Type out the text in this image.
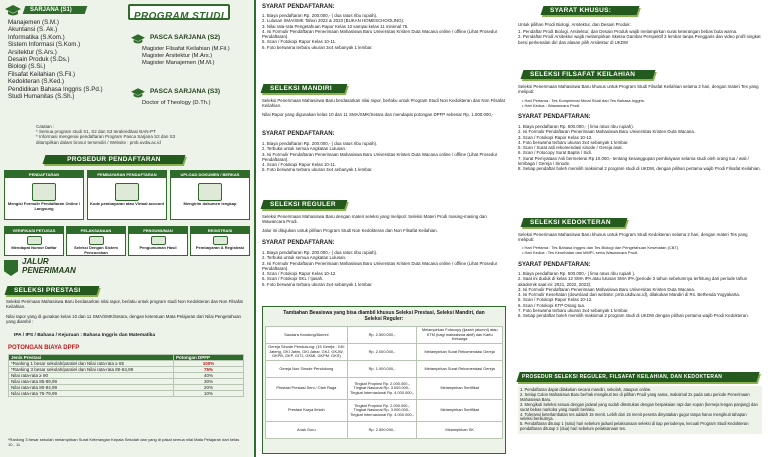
SARJANA (S1)
Manajemen (S.M.)
Akuntansi (S. Ak.)
Informatika (S.Kom.)
Sistem Informasi (S.Kom.)
Arsitektur (S.Ars.)
Desain Produk (S.Ds.)
Biologi (S.Si.)
Filsafat Keilahian (S.Fil.)
Kedokteran (S.Ked.)
Pendidikan Bahasa Inggris (S.Pd.)
Studi Humanitas (S.Sh.)
PROGRAM STUDI
PASCA SARJANA (S2)
Magister Filsafat Keilahian (M.Fil.)
Magister Arsitektur (M.Ars.)
Magister Manajemen (M.M.)
PASCA SARJANA (S3)
Doctor of Theology (D.Th.)
Catatan :
* Semua program studi S1, S2 dan S3 terakreditasi BAN-PT
* Informasi mengenai pendaftaran Program Pasca Sarjana S2 dan S3
ditampilkan dalam brosur tersendiri / Website : pmb.uvdw.ac.id
PROSEDUR PENDAFTARAN
PENDAFTARAN
Mengisi Formulir Pendaftaran Online / Langsung
PEMBAYARAN PENDAFTARAN
Kode pembayaran atau Virtual account
UPLOAD DOKUMEN / BERKAS
Mengirim dokumen lengkap
VERIFIKASI PETUGAS
Mendapat Nomor Daftar
PELAKSANAAN
Seleksi Dengan Sistem Pencocokan
PENGUMUMAN
Pengumuman Hasil
REGISTRASI
Pembayaran & Registrasi
JALUR PENERIMAAN
SELEKSI PRESTASI
Seleksi Perimaan Mahasiswa Baru berdasarkan nilai rapor, berlaku untuk program studi Non Kedokteran dan Non Filsafat Keilahian.
Nilai rapor yang di gunakan kelas 10 dan 11 SMA/SMK/Setara, dengan ketentuan Mata Pelajaran dari Nilai Pengetahuan yang diambil :
IPA / IPS / Bahasa / Kejuruan : Bahasa Inggris dan Matematika
POTONGAN BIAYA DPFP
Jenis Prestasi	Potongan DPFP
*Ranking 1 besar sekolah/paralel dan Nilai rata-rata ≥ 85	100%
*Ranking 3 besar sekolah/paralel dan Nilai rata-rata 80-84,99	75%
Nilai rata-rata ≥ 90	40%
Nilai rata-rata 85-89,99	30%
Nilai rata-rata 80-84,99	20%
Nilai rata-rata 75-79,99	10%
*Ranking 3 besar sekolah melampirkan Surat Keterangan Kepala Sekolah dan yang di pakai semua nilai Mata Pelajaran dari kelas 10 - 11
SYARAT PENDAFTARAN:
1. Biaya pendaftaran Rp. 200.000,- ( dua ratus ribu rupiah).
2. Lulusan SMA/SMK Tahun 2022 & 2023 (BUKAN HOMESCHOOLING).
3. Nilai rata-rata Pengetahuan Rapor Kelas 10 sampai kelas 11 minimal 75.
4. Isi Formulir Pendaftaran Penerimaan Mahasiswa Baru Universitas Kristen Duta Wacana online / offline (Lihat Prosedur Pendaftaran).
5. Scan / Fotokopi Rapor Kelas 10-11.
6. Foto berwarna terbaru ukuran 3x4 sebanyak 1 lembar.
SELEKSI MANDIRI
Seleksi Penerimaan Mahasiswa Baru berdasarkan nilai rapor, berlaku untuk Program Studi Non Kedokteran dan Non Filsafat Keilahian.
Nilai Rapor yang digunakan kelas 10 dan 11 SMA/SMK/Setara dan mendapat potongan DPFP sebesar Rp. 1.000.000,-
SYARAT PENDAFTARAN:
1. Biaya pendaftaran Rp. 200.000,- ( dua ratus ribu rupiah).
2. Terbuka untuk semua Angkatan Lulusan.
3. Isi Formulir Pendaftaran Penerimaan Mahasiswa Baru Universitas Kristen Duta Wacana online / offline (Lihat Prosedur Pendaftaran).
4. Scan / Fotokopi Rapor Kelas 10-11.
5. Foto berwarna terbaru ukuran 3x4 sebanyak 1 lembar.
SELEKSI REGULER
Seleksi Penerimaan Mahasiswa Baru dengan materi seleksi yang meliputi: Seleksi Materi Prodi masing-masing dan Wawancara Prodi.
Jalur ini ditujukan untuk pilihan Program Studi Non Kedokteran dan Non Filsafat Keilahian.
SYARAT PENDAFTARAN:
1. Biaya pendaftaran Rp. 200.000,- ( dua ratus ribu rupiah).
2. Terbuka untuk semua Angkatan Lulusan.
3. Isi Formulir Pendaftaran Penerimaan Mahasiswa Baru Universitas Kristen Duta Wacana online / offline (Lihat Prosedur Pendaftaran).
4. Scan / Fotokopi Rapor Kelas 10-12.
5. Scan / Fotokopi SKL / Ijasah.
6. Foto berwarna terbaru ukuran 3x4 sebanyak 1 lembar.
Tambahan Beasiswa yang bisa diambil khusus Seleksi Prestasi, Seleksi Mandiri, dan Seleksi Reguler:
Saudara Kandung/Alumni	Rp. 2.500.000,-	Melampirkan Fotocopy (ijazah (alumni) atau KTM (bagi mahasiswa aktif) dan Kartu Keluarga
Gereja Sinode Pendukung: (15 Gereja : GKI Jateng, GKI Jatim, GKI Jabar, GKJ, GKJW, GKPB, GKP, GITJ, GKMI, GKPM, GKS)	Rp. 2.000.000,-	Melampirkan Surat Rekomendasi Gereja
Gereja Non Sinode Pendukung	Rp. 1.000.000,-	Melampirkan Surat Rekomendasi Gereja
Prestasi Prestasi Seni / Olah Raga	Tingkat Propinsi Rp. 2.000.000,- Tingkat Nasional Rp. 3.000.000,- Tingkat Internasional Rp. 4.000.000,-	Melampirkan Sertifikat
Prestasi Karya Ilmiah	Tingkat Propinsi Rp. 2.000.000,- Tingkat Nasional Rp. 3.000.000,- Tingkat Internasional Rp. 4.000.000,-	Melampirkan Sertifikat
Anak Guru	Rp. 2.500.000,-	Melampirkan SK
SYARAT KHUSUS:
Untuk pilihan Prodi Biologi, Arsitektur, dan Desain Produk:
1. Pendaftar Prodi Biologi, Arsitektur, dan Desain Produk wajib melampirkan surat keterangan bebas buta warna.
2. Pendaftar Prodi Arsitektur wajib melampirkan Sketsa Gambar Perspektif 2 lembar tanpa Penggaris dan video profil singkat bersi perkenalan diri dan alasan pilih Arsitektur di UKDW
SELEKSI FILSAFAT KEILAHIAN
Seleksi Penerimaan Mahasiswa Baru khusus untuk Program Studi Filsafat Keilahian selama 2 hari, dengan materi Tes yang meliputi:
• Hari Pertama : Tes Kompetensi Minat Studi dan Tes Bahasa Inggris.
• Hari Kedua : Wawancara Prodi.
SYARAT PENDAFTARAN:
1. Biaya pendaftaran Rp. 500.000,- ( lima ratus ribu rupiah).
2. Isi Formulir Pendaftaran Penerimaan Mahasiswa Baru Universitas Kristen Duta Wacana.
3. Scan / Fotokopi Rapor Kelas 10-12.
4. Foto berwarna terbaru ukuran 3x4 sebanyak 1 lembar.
5. Scan / Surat asli rekomendasi sinode / Gereja asal.
6. Scan / Fotocopy Surat Baptis / Sidi.
7. Surat Pernyataan Asli bermeterai Rp 10.000,- tentang kesanggupan pembiayaan selama studi oleh orang tua / wali / lembaga / Gereja / Sinode.
8. Setiap pendaftar boleh memilih maksimal 2 program studi di UKDW, dengan pilihan pertama wajib Prodi Filsafat Keilahian.
SELEKSI KEDOKTERAN
Seleksi Penerimaan Mahasiswa Baru khusus untuk Program Studi Kedokteran selama 2 hari, dengan materi Tes yang meliputi:
• Hari Pertama : Tes Bahasa Inggris dan Tes Biologi dan Pengetahuan Kesehatan (CBT).
• Hari Kedua : Tes Kesehatan dan MMPI, serta Wawancara Prodi.
SYARAT PENDAFTARAN:
1. Biaya pendaftaran Rp. 500.000,- ( lima ratus ribu rupiah ).
2. Saat ini duduk di kelas 12 SMA IPA atau lulusan SMA IPA (periode 3 tahun sebelumnya terhitung dari periode tahun akademik saat ini: 2021, 2022, 2023).
3. Isi Formulir Pendaftaran Penerimaan Mahasiswa Baru Universitas Kristen Duta Wacana.
4. Isi Formulir Kesehatan (download dari website: pmb.ukdw.ac.id), dilakukan Mandiri di Rs. Bethesda Yogyakarta.
5. Scan / Fotokopi Rapor Kelas 10-12.
6. Scan / Fotokopi KTP Orang tua.
7. Foto berwarna terbaru ukuran 3x4 sebanyak 1 lembar.
8. Setiap pendaftar boleh memilih maksimal 2 program studi di UKDW dengan pilihan pertama wajib Prodi Kedokteran.
PROSEDUR SELEKSI REGULER, FILSAFAT KEILAHIAN, DAN KEDOKTERAN
1. Pendaftaran dapat dilakukan secara mandiri, sekolah, ataupun online.
2. Setiap Calon Mahasiswa Baru berhak mengikuti tes di pilihan Prodi yang sama, maksimal 2x pada satu periode Penerimaan Mahasiswa Baru.
3. Mengikuti Seleksi sesuai dengan jadwal yang sudah ditentukan dengan berpakaian rapi dan sopan (kemeja lengan panjang) dan surat bebas narkoba yang masih berlaku.
4. Toleransi keterlambatan tes adalah 15 menit. Lebih dari 15 menit peserta dinyatakan gugur tanpa harus mengikuti tahapan seleksi berikutnya.
5. Pendaftaran ditutup 1 (satu) hari sebelum jadwal pelaksanaan seleksi di tiap periodenya, kecuali Program Studi Kedokteran pendaftaran ditutup 2 (dua) hari sebelum pelaksanaan tes.
